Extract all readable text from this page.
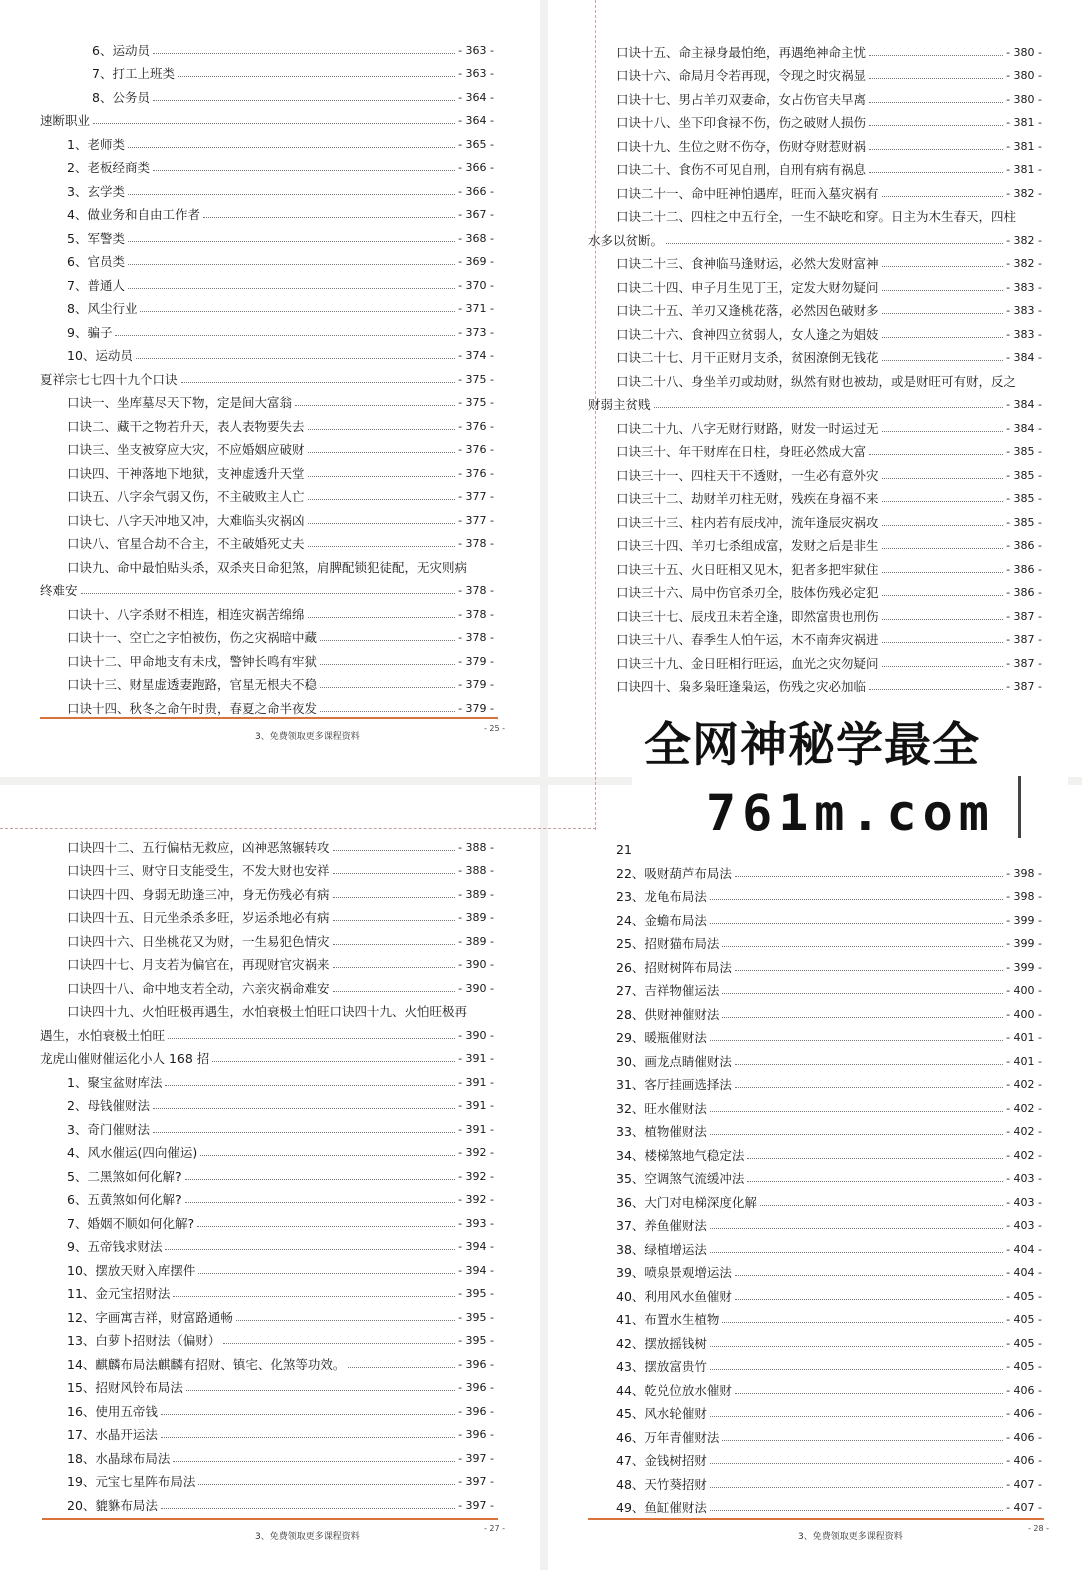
6、运动员	- 363 -
7、打工上班类	- 363 -
8、公务员	- 364 -
速断职业	- 364 -
1、老师类	- 365 -
2、老板经商类	- 366 -
3、玄学类	- 366 -
4、做业务和自由工作者	- 367 -
5、军警类	- 368 -
6、官员类	- 369 -
7、普通人	- 370 -
8、风尘行业	- 371 -
9、骗子	- 373 -
10、运动员	- 374 -
夏祥宗七七四十九个口诀	- 375 -
口诀一、坐库墓尽天下物，定是间大富翁	- 375 -
口诀二、藏干之物若升天，表人表物要失去	- 376 -
口诀三、坐支被穿应大灾，不应婚姻应破财	- 376 -
口诀四、干神落地下地狱，支神虚透升天堂	- 376 -
口诀五、八字余气弱又伤，不主破败主人亡	- 377 -
口诀七、八字天冲地又冲，大难临头灾祸凶	- 377 -
口诀八、官星合劫不合主，不主破婚死丈夫	- 378 -
口诀九、命中最怕贴头杀，双杀夹日命犯煞，肩脾配锁犯徒配，无灾则病
终难安	- 378 -
口诀十、八字杀财不相连，相连灾祸苦绵绵	- 378 -
口诀十一、空亡之字怕被伤，伤之灾祸暗中藏	- 378 -
口诀十二、甲命地支有未戌，警钟长鸣有牢狱	- 379 -
口诀十三、财星虚透妻跑路，官星无根夫不稳	- 379 -
口诀十四、秋冬之命午时贵，春夏之命半夜发	- 379 -
3、免费领取更多课程资料
- 25 -
口诀十五、命主禄身最怕绝，再遇绝神命主忧	- 380 -
口诀十六、命局月令若再现，令现之时灾祸显	- 380 -
口诀十七、男占羊刃双妻命，女占伤官夫早离	- 380 -
口诀十八、坐下印食禄不伤，伤之破财人损伤	- 381 -
口诀十九、生位之财不伤夺，伤财夺财惹财祸	- 381 -
口诀二十、食伤不可见自刑，自刑有病有祸息	- 381 -
口诀二十一、命中旺神怕遇库，旺而入墓灾祸有	- 382 -
口诀二十二、四柱之中五行全，一生不缺吃和穿。日主为木生春天，四柱
水多以贫断。	- 382 -
口诀二十三、食神临马逢财运，必然大发财富神	- 382 -
口诀二十四、申子月生见丁王，定发大财勿疑问	- 383 -
口诀二十五、羊刃又逢桃花落，必然因色破财多	- 383 -
口诀二十六、食神四立贫弱人，女人逢之为娼妓	- 383 -
口诀二十七、月干正财月支杀，贫困潦倒无钱花	- 384 -
口诀二十八、身坐羊刃或劫财，纵然有财也被劫，或是财旺可有财，反之
财弱主贫贱	- 384 -
口诀二十九、八字无财行财路，财发一时运过无	- 384 -
口诀三十、年干财库在日柱，身旺必然成大富	- 385 -
口诀三十一、四柱天干不透财，一生必有意外灾	- 385 -
口诀三十二、劫财羊刃柱无财，残疾在身福不来	- 385 -
口诀三十三、柱内若有辰戌冲，流年逢辰灾祸攻	- 385 -
口诀三十四、羊刃七杀组成富，发财之后是非生	- 386 -
口诀三十五、火日旺相又见木，犯者多把牢狱住	- 386 -
口诀三十六、局中伤官杀刃全，肢体伤残必定犯	- 386 -
口诀三十七、辰戌丑未若全逢，即然富贵也刑伤	- 387 -
口诀三十八、春季生人怕午运，木不南奔灾祸进	- 387 -
口诀三十九、金日旺相行旺运，血光之灾勿疑问	- 387 -
口诀四十、枭多枭旺逢枭运，伤残之灾必加临	- 387 -
口诀四十二、五行偏枯无救应，凶神恶煞辗转攻	- 388 -
口诀四十三、财守日支能受生，不发大财也安祥	- 388 -
口诀四十四、身弱无助逢三冲，身无伤残必有病	- 389 -
口诀四十五、日元坐杀杀多旺，岁运杀地必有病	- 389 -
口诀四十六、日坐桃花又为财，一生易犯色情灾	- 389 -
口诀四十七、月支若为偏官在，再现财官灾祸来	- 390 -
口诀四十八、命中地支若全动，六亲灾祸命难安	- 390 -
口诀四十九、火怕旺极再遇生，水怕衰极土怕旺口诀四十九、火怕旺极再
遇生，水怕衰极土怕旺	- 390 -
龙虎山催财催运化小人 168 招	- 391 -
1、聚宝盆财库法	- 391 -
2、母钱催财法	- 391 -
3、奇门催财法	- 391 -
4、风水催运(四向催运)	- 392 -
5、二黑煞如何化解?	- 392 -
6、五黄煞如何化解?	- 392 -
7、婚姻不顺如何化解?	- 393 -
9、五帝钱求财法	- 394 -
10、摆放天财入库摆件	- 394 -
11、金元宝招财法	- 395 -
12、字画寓吉祥，财富路通畅	- 395 -
13、白萝卜招财法（偏财）	- 395 -
14、麒麟布局法麒麟有招财、镇宅、化煞等功效。	- 396 -
15、招财风铃布局法	- 396 -
16、使用五帝钱	- 396 -
17、水晶开运法	- 396 -
18、水晶球布局法	- 397 -
19、元宝七星阵布局法	- 397 -
20、貔貅布局法	- 397 -
3、免费领取更多课程资料
- 27 -
21
22、吸财葫芦布局法	- 398 -
23、龙龟布局法	- 398 -
24、金蟾布局法	- 399 -
25、招财猫布局法	- 399 -
26、招财树阵布局法	- 399 -
27、吉祥物催运法	- 400 -
28、供财神催财法	- 400 -
29、暖瓶催财法	- 401 -
30、画龙点睛催财法	- 401 -
31、客厅挂画选择法	- 402 -
32、旺水催财法	- 402 -
33、植物催财法	- 402 -
34、楼梯煞地气稳定法	- 402 -
35、空调煞气流缓冲法	- 403 -
36、大门对电梯深度化解	- 403 -
37、养鱼催财法	- 403 -
38、绿植增运法	- 404 -
39、喷泉景观增运法	- 404 -
40、利用风水鱼催财	- 405 -
41、布置水生植物	- 405 -
42、摆放摇钱树	- 405 -
43、摆放富贵竹	- 405 -
44、乾兑位放水催财	- 406 -
45、风水轮催财	- 406 -
46、万年青催财法	- 406 -
47、金钱树招财	- 406 -
48、天竹葵招财	- 407 -
49、鱼缸催财法	- 407 -
3、免费领取更多课程资料
- 28 -
全网神秘学最全
761m.com
